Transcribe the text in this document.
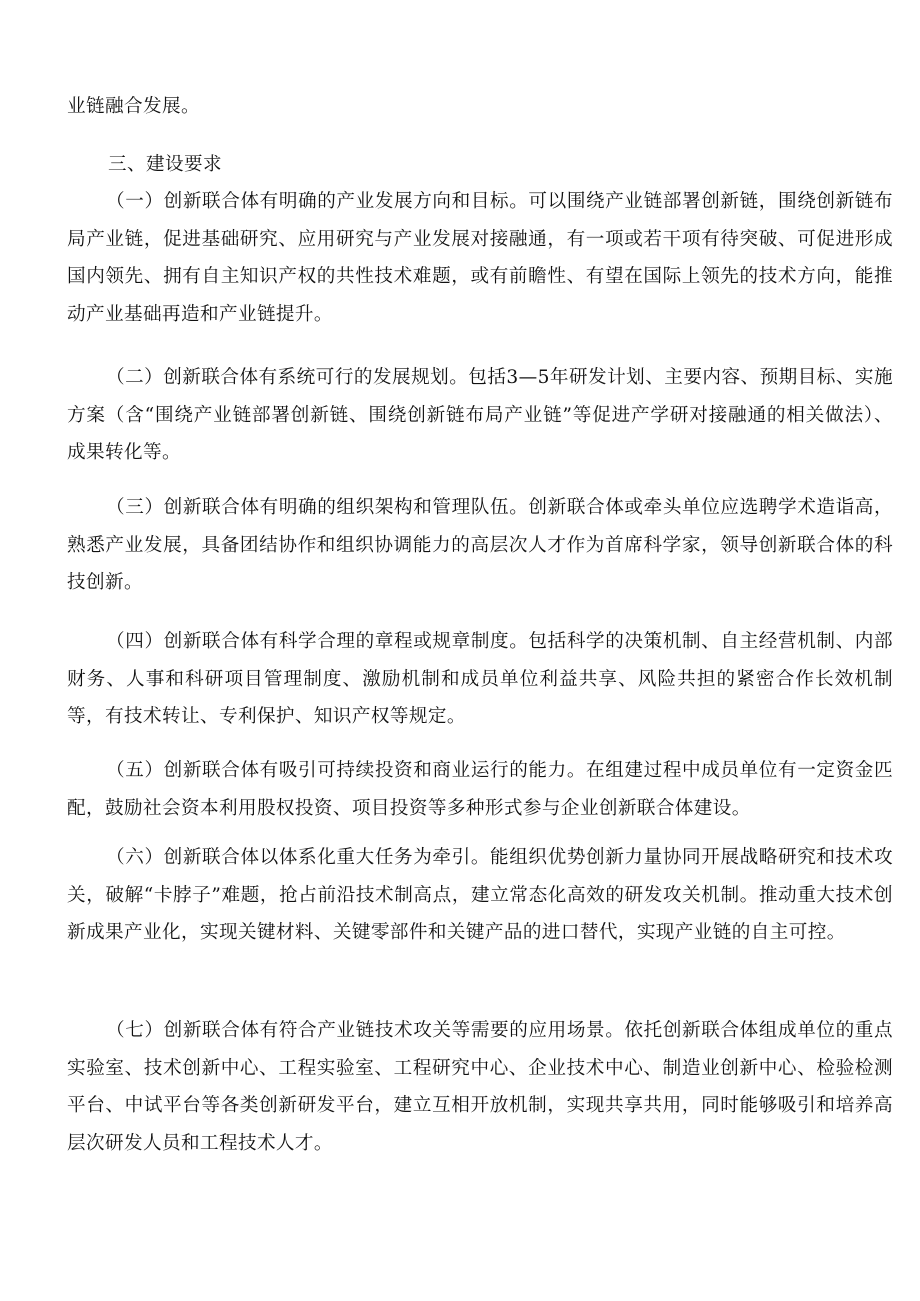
业链融合发展。
三、建设要求
（一）创新联合体有明确的产业发展方向和目标。可以围绕产业链部署创新链，围绕创新链布局产业链，促进基础研究、应用研究与产业发展对接融通，有一项或若干项有待突破、可促进形成国内领先、拥有自主知识产权的共性技术难题，或有前瞻性、有望在国际上领先的技术方向，能推动产业基础再造和产业链提升。
（二）创新联合体有系统可行的发展规划。包括3—5年研发计划、主要内容、预期目标、实施方案（含“围绕产业链部署创新链、围绕创新链布局产业链”等促进产学研对接融通的相关做法）、成果转化等。
（三）创新联合体有明确的组织架构和管理队伍。创新联合体或牵头单位应选聘学术造诣高，熟悉产业发展，具备团结协作和组织协调能力的高层次人才作为首席科学家，领导创新联合体的科技创新。
（四）创新联合体有科学合理的章程或规章制度。包括科学的决策机制、自主经营机制、内部财务、人事和科研项目管理制度、激励机制和成员单位利益共享、风险共担的紧密合作长效机制等，有技术转让、专利保护、知识产权等规定。
（五）创新联合体有吸引可持续投资和商业运行的能力。在组建过程中成员单位有一定资金匹配，鼓励社会资本利用股权投资、项目投资等多种形式参与企业创新联合体建设。
（六）创新联合体以体系化重大任务为牵引。能组织优势创新力量协同开展战略研究和技术攻关，破解“卡脖子”难题，抢占前沿技术制高点，建立常态化高效的研发攻关机制。推动重大技术创新成果产业化，实现关键材料、关键零部件和关键产品的进口替代，实现产业链的自主可控。
（七）创新联合体有符合产业链技术攻关等需要的应用场景。依托创新联合体组成单位的重点实验室、技术创新中心、工程实验室、工程研究中心、企业技术中心、制造业创新中心、检验检测平台、中试平台等各类创新研发平台，建立互相开放机制，实现共享共用，同时能够吸引和培养高层次研发人员和工程技术人才。
